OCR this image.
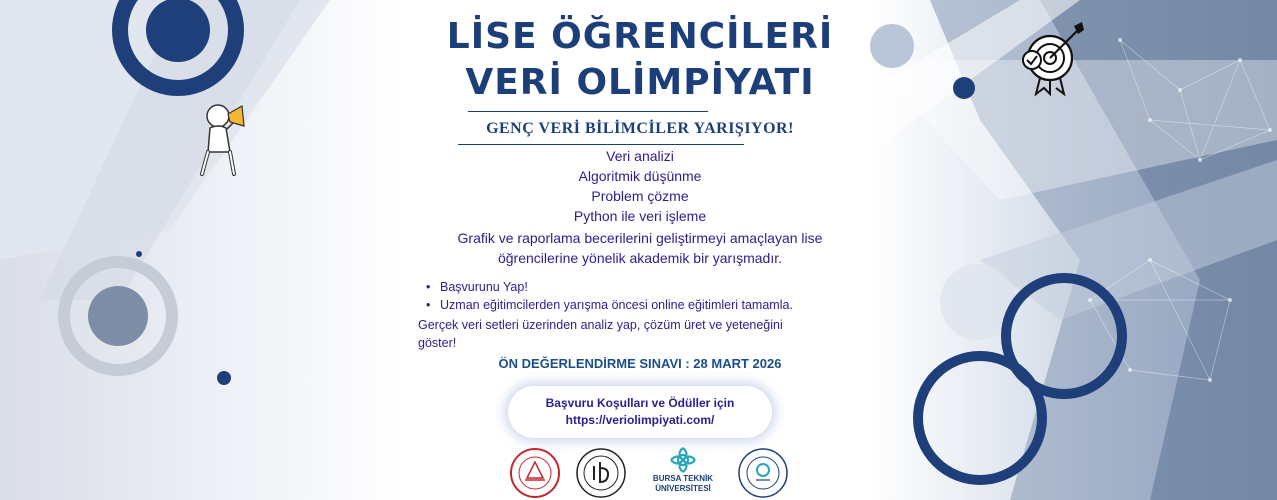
LİSE ÖĞRENCİLERİ
VERİ OLİMPİYATI
GENÇ VERİ BİLİMCİLER YARIŞIYOR!
Veri analizi
Algoritmik düşünme
Problem çözme
Python ile veri işleme
Grafik ve raporlama becerilerini geliştirmeyi amaçlayan lise
öğrencilerine yönelik akademik bir yarışmadır.
• Başvurunu Yap!
• Uzman eğitimcilerden yarışma öncesi online eğitimleri tamamla.
Gerçek veri setleri üzerinden analiz yap, çözüm üret ve yeteneğini
göster!
ÖN DEĞERLENDİRME SINAVI : 28 MART 2026
Başvuru Koşulları ve Ödüller için
https://veriolimpiyati.com/
BURSA TEKNİK
ÜNİVERSİTESİ
